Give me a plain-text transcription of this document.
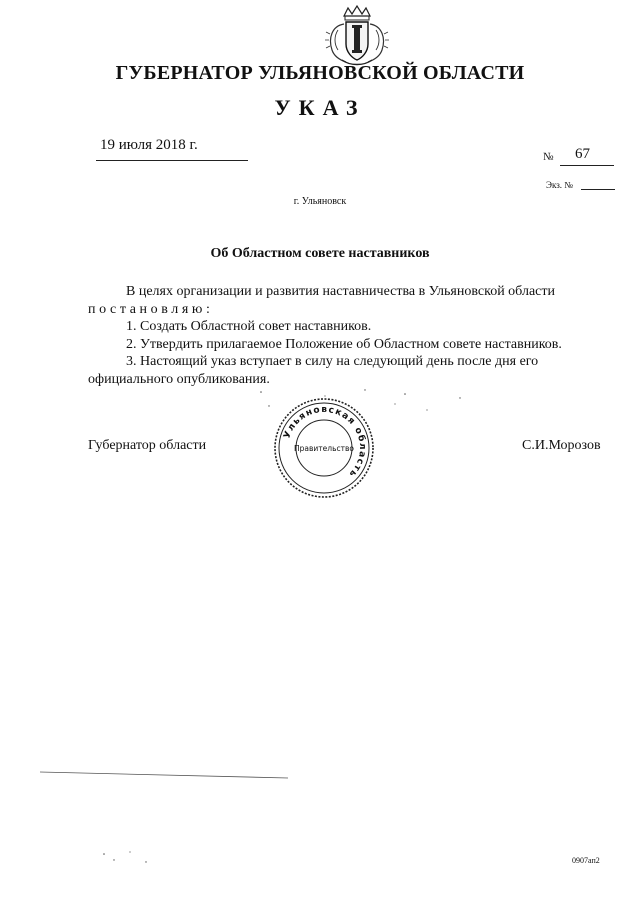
ГУБЕРНАТОР УЛЬЯНОВСКОЙ ОБЛАСТИ
УКАЗ
19 июля 2018 г.
№ 67
Экз. №
г. Ульяновск
Об Областном совете наставников

В целях организации и развития наставничества в Ульяновской области

постановляю:

1. Создать Областной совет наставников.

2. Утвердить прилагаемое Положение об Областном совете наставников.

3. Настоящий указ вступает в силу на следующий день после дня его

официального опубликования.

Губернатор области	С.И.Морозов
Ульяновская область
Правительство
0907ап2
